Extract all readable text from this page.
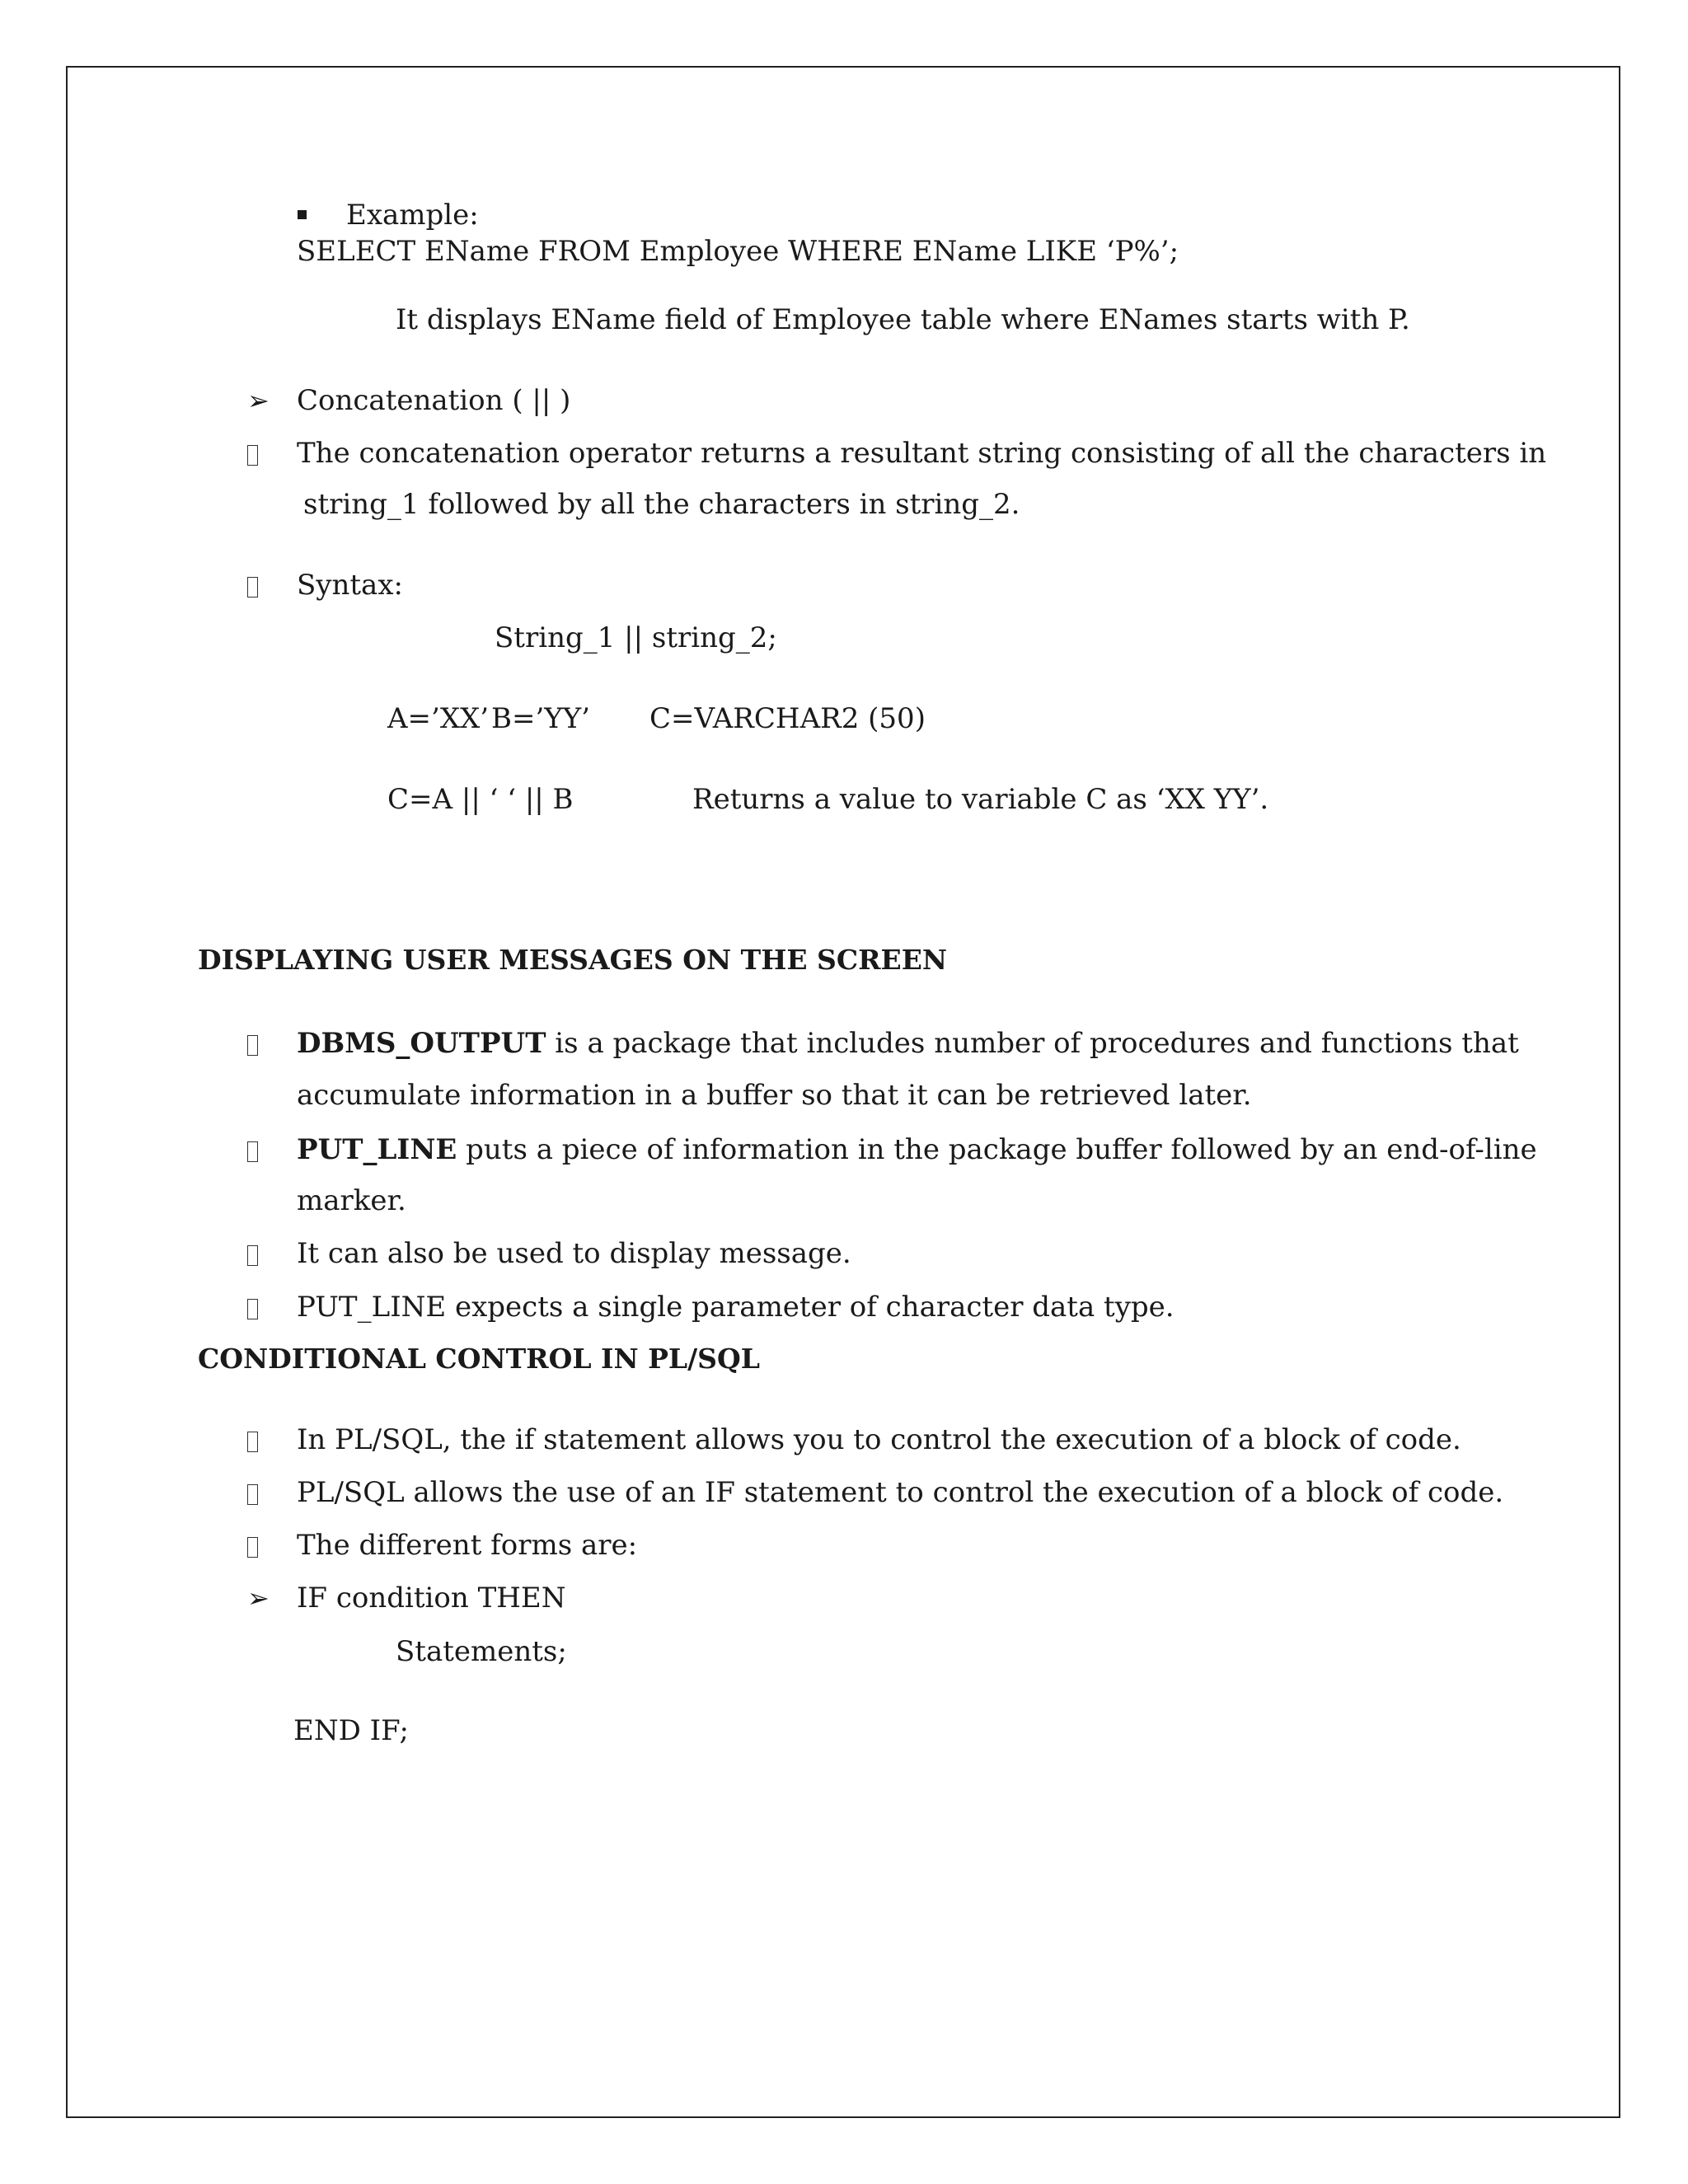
Example:
SELECT EName FROM Employee WHERE EName LIKE ‘P%’;
It displays EName field of Employee table where ENames starts with P.
➢ Concatenation ( || )
The concatenation operator returns a resultant string consisting of all the characters in
string_1 followed by all the characters in string_2.
Syntax:
String_1 || string_2;
A=’XX’ B=’YY’ C=VARCHAR2 (50)
C=A || ‘ ‘ || B	Returns a value to variable C as ‘XX YY’.
DISPLAYING USER MESSAGES ON THE SCREEN
DBMS_OUTPUT is a package that includes number of procedures and functions that
accumulate information in a buffer so that it can be retrieved later.
PUT_LINE puts a piece of information in the package buffer followed by an end-of-line
marker.
It can also be used to display message.
PUT_LINE expects a single parameter of character data type.
CONDITIONAL CONTROL IN PL/SQL
In PL/SQL, the if statement allows you to control the execution of a block of code.
PL/SQL allows the use of an IF statement to control the execution of a block of code.
The different forms are:
➢ IF condition THEN
Statements;
END IF;
